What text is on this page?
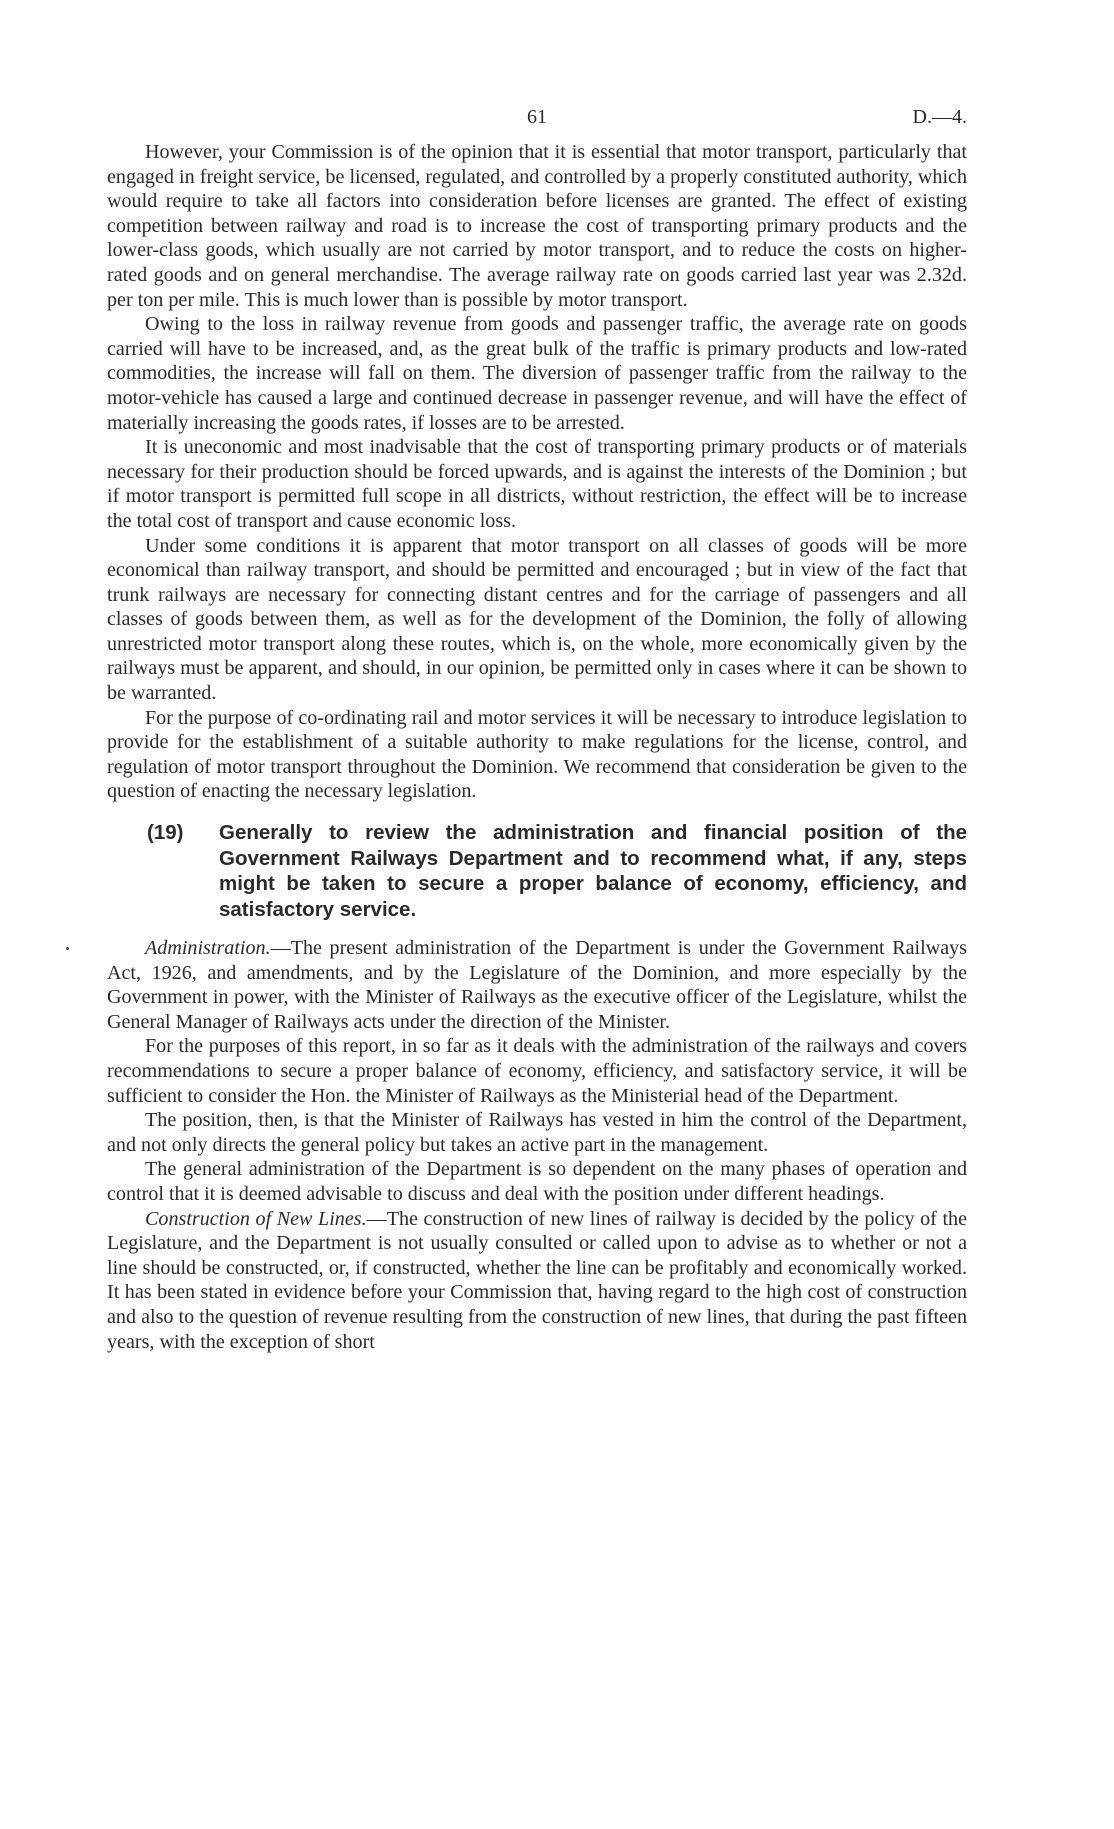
61	D.—4.

However, your Commission is of the opinion that it is essential that motor transport, particularly that engaged in freight service, be licensed, regulated, and controlled by a properly constituted authority, which would require to take all factors into consideration before licenses are granted. The effect of existing competition between railway and road is to increase the cost of transporting primary products and the lower-class goods, which usually are not carried by motor transport, and to reduce the costs on higher-rated goods and on general merchandise. The average railway rate on goods carried last year was 2.32d. per ton per mile. This is much lower than is possible by motor transport.

Owing to the loss in railway revenue from goods and passenger traffic, the average rate on goods carried will have to be increased, and, as the great bulk of the traffic is primary products and low-rated commodities, the increase will fall on them. The diversion of passenger traffic from the railway to the motor-vehicle has caused a large and continued decrease in passenger revenue, and will have the effect of materially increasing the goods rates, if losses are to be arrested.

It is uneconomic and most inadvisable that the cost of transporting primary products or of materials necessary for their production should be forced upwards, and is against the interests of the Dominion ; but if motor transport is permitted full scope in all districts, without restriction, the effect will be to increase the total cost of transport and cause economic loss.

Under some conditions it is apparent that motor transport on all classes of goods will be more economical than railway transport, and should be permitted and encouraged ; but in view of the fact that trunk railways are necessary for connecting distant centres and for the carriage of passengers and all classes of goods between them, as well as for the development of the Dominion, the folly of allowing unrestricted motor transport along these routes, which is, on the whole, more economically given by the railways must be apparent, and should, in our opinion, be permitted only in cases where it can be shown to be warranted.

For the purpose of co-ordinating rail and motor services it will be necessary to introduce legislation to provide for the establishment of a suitable authority to make regulations for the license, control, and regulation of motor transport throughout the Dominion. We recommend that consideration be given to the question of enacting the necessary legislation.

(19)	Generally to review the administration and financial position of the Government Railways Department and to recommend what, if any, steps might be taken to secure a proper balance of economy, efficiency, and satisfactory service.

Administration.—The present administration of the Department is under the Government Railways Act, 1926, and amendments, and by the Legislature of the Dominion, and more especially by the Government in power, with the Minister of Railways as the executive officer of the Legislature, whilst the General Manager of Railways acts under the direction of the Minister.

For the purposes of this report, in so far as it deals with the administration of the railways and covers recommendations to secure a proper balance of economy, efficiency, and satisfactory service, it will be sufficient to consider the Hon. the Minister of Railways as the Ministerial head of the Department.

The position, then, is that the Minister of Railways has vested in him the control of the Department, and not only directs the general policy but takes an active part in the management.

The general administration of the Department is so dependent on the many phases of operation and control that it is deemed advisable to discuss and deal with the position under different headings.

Construction of New Lines.—The construction of new lines of railway is decided by the policy of the Legislature, and the Department is not usually consulted or called upon to advise as to whether or not a line should be constructed, or, if constructed, whether the line can be profitably and economically worked. It has been stated in evidence before your Commission that, having regard to the high cost of construction and also to the question of revenue resulting from the construction of new lines, that during the past fifteen years, with the exception of short
